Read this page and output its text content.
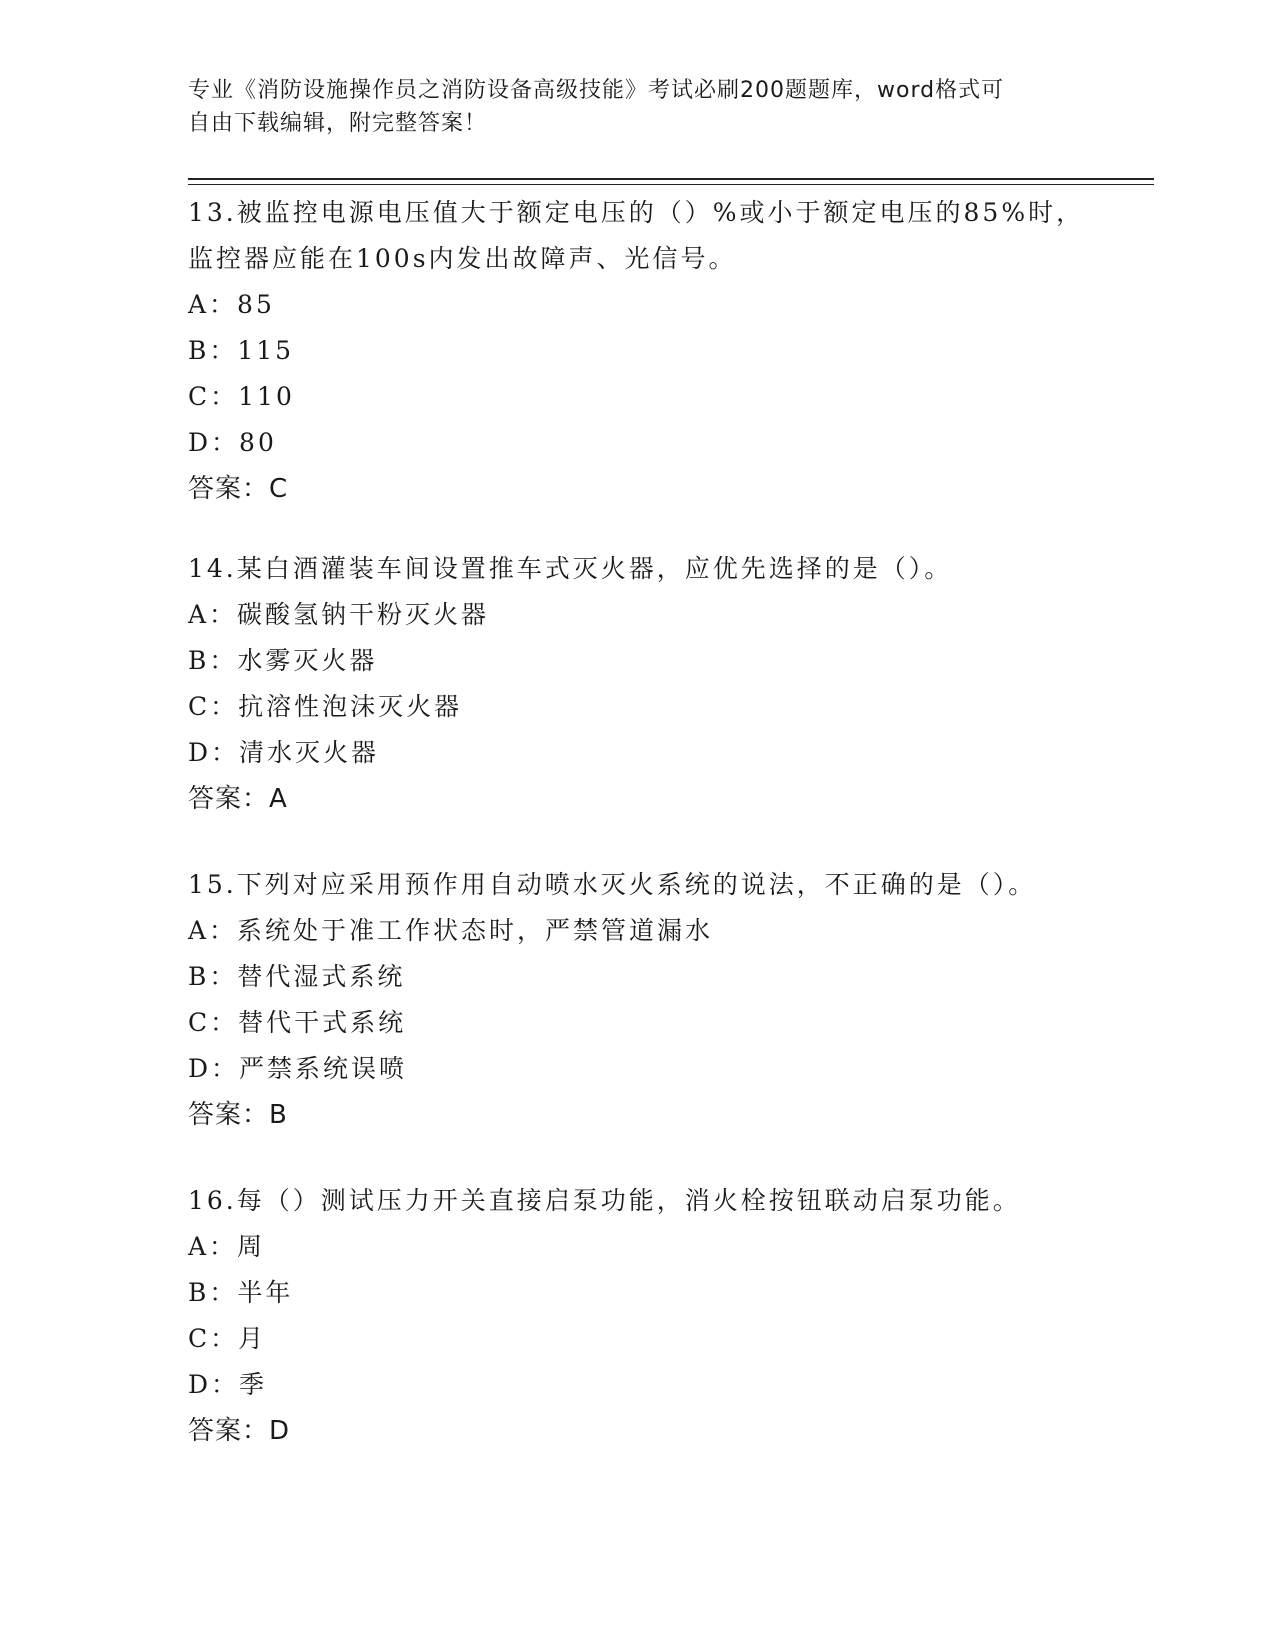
专业《消防设施操作员之消防设备高级技能》考试必刷200题题库，word格式可
自由下载编辑，附完整答案！

13.被监控电源电压值大于额定电压的（）%或小于额定电压的85%时，

监控器应能在100s内发出故障声、光信号。

A：85

B：115

C：110

D：80

答案：C

14.某白酒灌装车间设置推车式灭火器，应优先选择的是（）。

A：碳酸氢钠干粉灭火器

B：水雾灭火器

C：抗溶性泡沫灭火器

D：清水灭火器

答案：A

15.下列对应采用预作用自动喷水灭火系统的说法，不正确的是（）。

A：系统处于准工作状态时，严禁管道漏水

B：替代湿式系统

C：替代干式系统

D：严禁系统误喷

答案：B

16.每（）测试压力开关直接启泵功能，消火栓按钮联动启泵功能。

A：周

B：半年

C：月

D：季

答案：D
